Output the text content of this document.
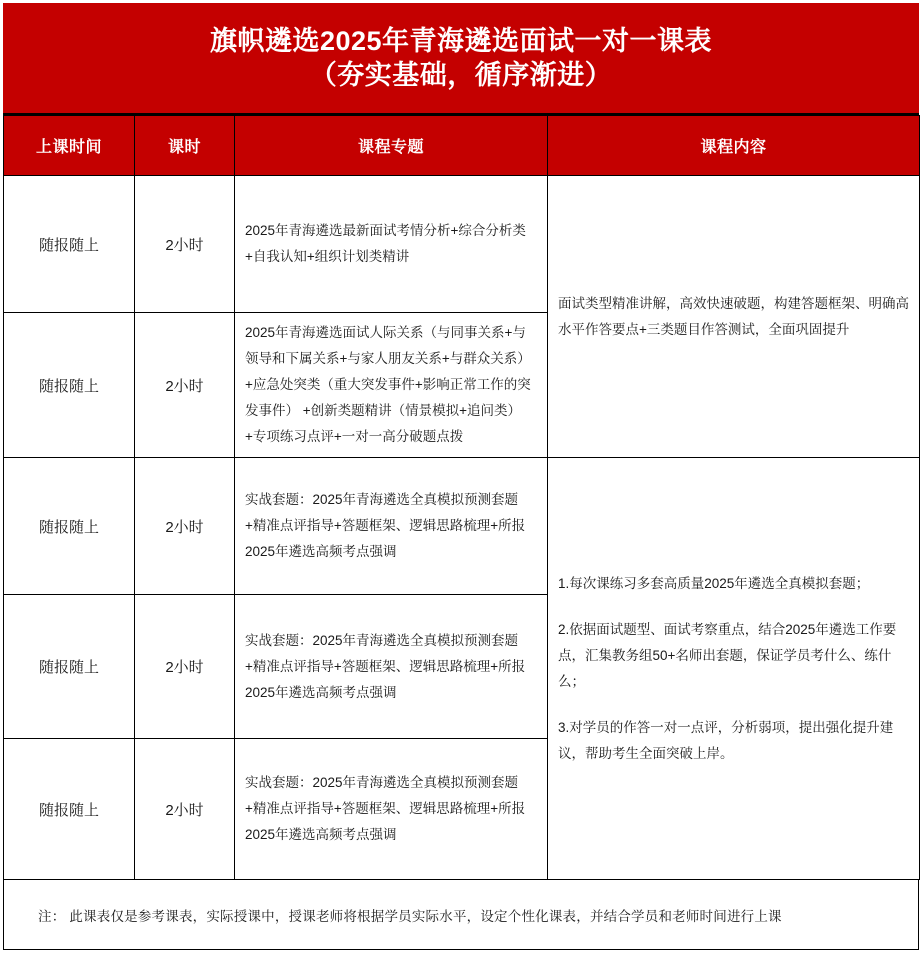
旗帜遴选2025年青海遴选面试一对一课表
（夯实基础，循序渐进）
上课时间	课时	课程专题	课程内容
随报随上	2小时	2025年青海遴选最新面试考情分析+综合分析类+自我认知+组织计划类精讲	面试类型精准讲解，高效快速破题，构建答题框架、明确高水平作答要点+三类题目作答测试，全面巩固提升
随报随上	2小时	2025年青海遴选面试人际关系（与同事关系+与领导和下属关系+与家人朋友关系+与群众关系）+应急处突类（重大突发事件+影响正常工作的突发事件） +创新类题精讲（情景模拟+追问类）+专项练习点评+一对一高分破题点拨	
随报随上	2小时	实战套题：2025年青海遴选全真模拟预测套题+精准点评指导+答题框架、逻辑思路梳理+所报2025年遴选高频考点强调	1.每次课练习多套高质量2025年遴选全真模拟套题；

2.依据面试题型、面试考察重点，结合2025年遴选工作要点，汇集教务组50+名师出套题，保证学员考什么、练什么；

3.对学员的作答一对一点评，分析弱项，提出强化提升建议，帮助考生全面突破上岸。

随报随上	2小时	实战套题：2025年青海遴选全真模拟预测套题+精准点评指导+答题框架、逻辑思路梳理+所报2025年遴选高频考点强调	
随报随上	2小时	实战套题：2025年青海遴选全真模拟预测套题+精准点评指导+答题框架、逻辑思路梳理+所报2025年遴选高频考点强调	
注： 此课表仅是参考课表，实际授课中，授课老师将根据学员实际水平，设定个性化课表，并结合学员和老师时间进行上课
